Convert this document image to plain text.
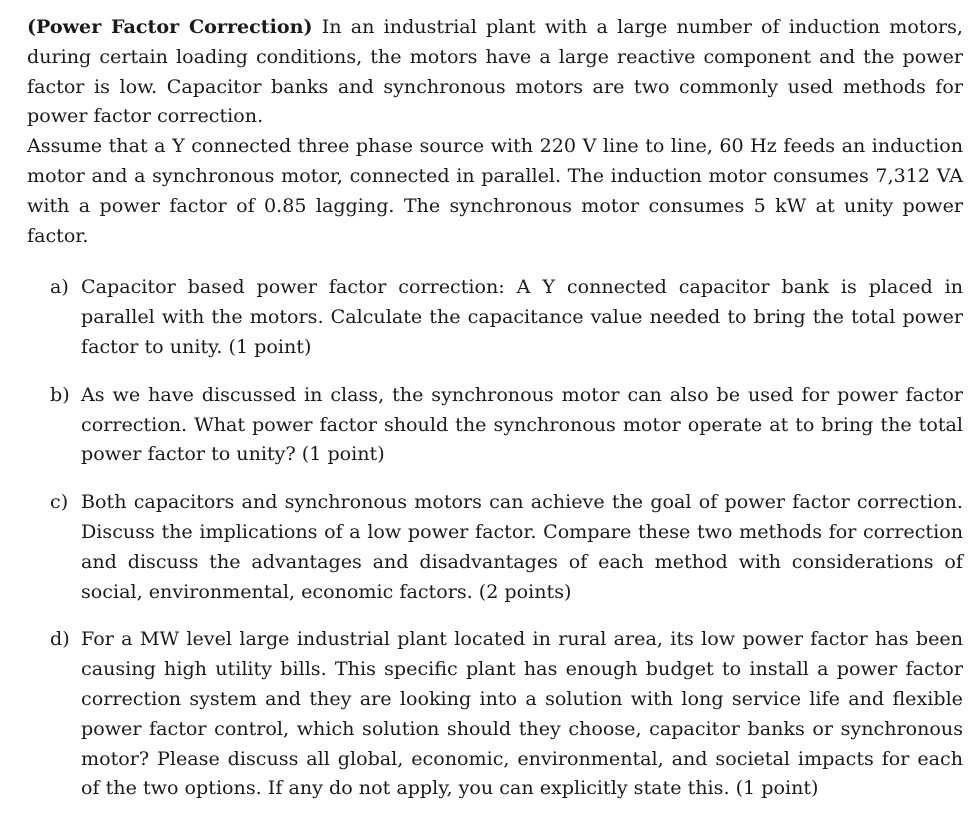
(Power Factor Correction) In an industrial plant with a large number of induction motors, during certain loading conditions, the motors have a large reactive component and the power factor is low. Capacitor banks and synchronous motors are two commonly used methods for power factor correction.

Assume that a Y connected three phase source with 220 V line to line, 60 Hz feeds an induction motor and a synchronous motor, connected in parallel. The induction motor consumes 7,312 VA with a power factor of 0.85 lagging. The synchronous motor consumes 5 kW at unity power factor.

a) Capacitor based power factor correction: A Y connected capacitor bank is placed in parallel with the motors. Calculate the capacitance value needed to bring the total power factor to unity. (1 point)
b) As we have discussed in class, the synchronous motor can also be used for power factor correction. What power factor should the synchronous motor operate at to bring the total power factor to unity? (1 point)
c) Both capacitors and synchronous motors can achieve the goal of power factor correction. Discuss the implications of a low power factor. Compare these two methods for correction and discuss the advantages and disadvantages of each method with considerations of social, environmental, economic factors. (2 points)
d) For a MW level large industrial plant located in rural area, its low power factor has been causing high utility bills. This specific plant has enough budget to install a power factor correction system and they are looking into a solution with long service life and flexible power factor control, which solution should they choose, capacitor banks or synchronous motor? Please discuss all global, economic, environmental, and societal impacts for each of the two options. If any do not apply, you can explicitly state this. (1 point)
